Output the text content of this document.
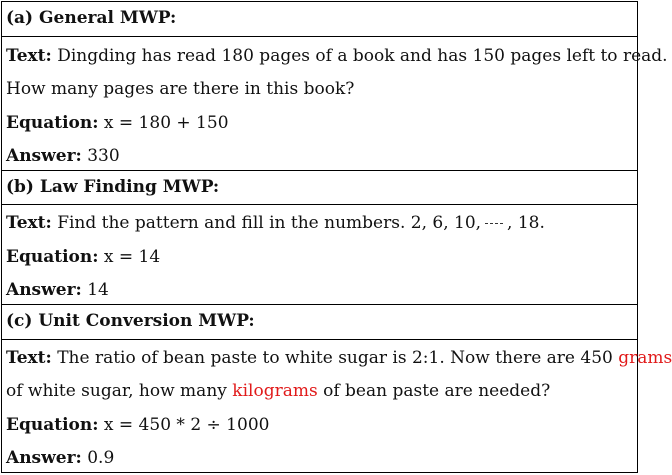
(a) General MWP:
Text: Dingding has read 180 pages of a book and has 150 pages left to read.
How many pages are there in this book?
Equation: x = 180 + 150
Answer: 330
(b) Law Finding MWP:
Text: Find the pattern and fill in the numbers. 2, 6, 10, , 18.
Equation: x = 14
Answer: 14
(c) Unit Conversion MWP:
Text: The ratio of bean paste to white sugar is 2:1. Now there are 450 grams
of white sugar, how many kilograms of bean paste are needed?
Equation: x = 450 * 2 ÷ 1000
Answer: 0.9
